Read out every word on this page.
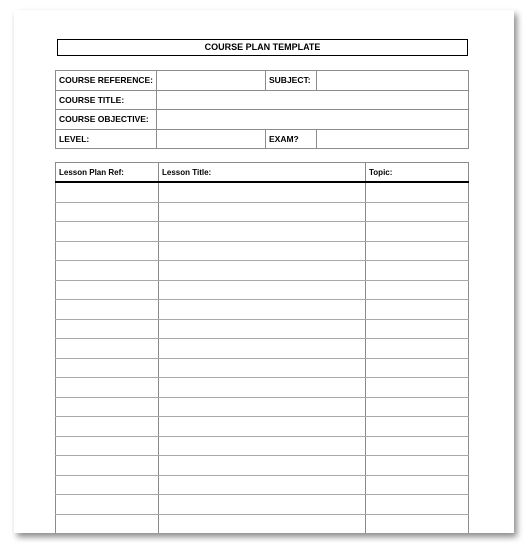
COURSE PLAN TEMPLATE
COURSE REFERENCE:		SUBJECT:	
COURSE TITLE:			
COURSE OBJECTIVE:			
LEVEL:		EXAM?	
Lesson Plan Ref:	Lesson Title:	Topic:
